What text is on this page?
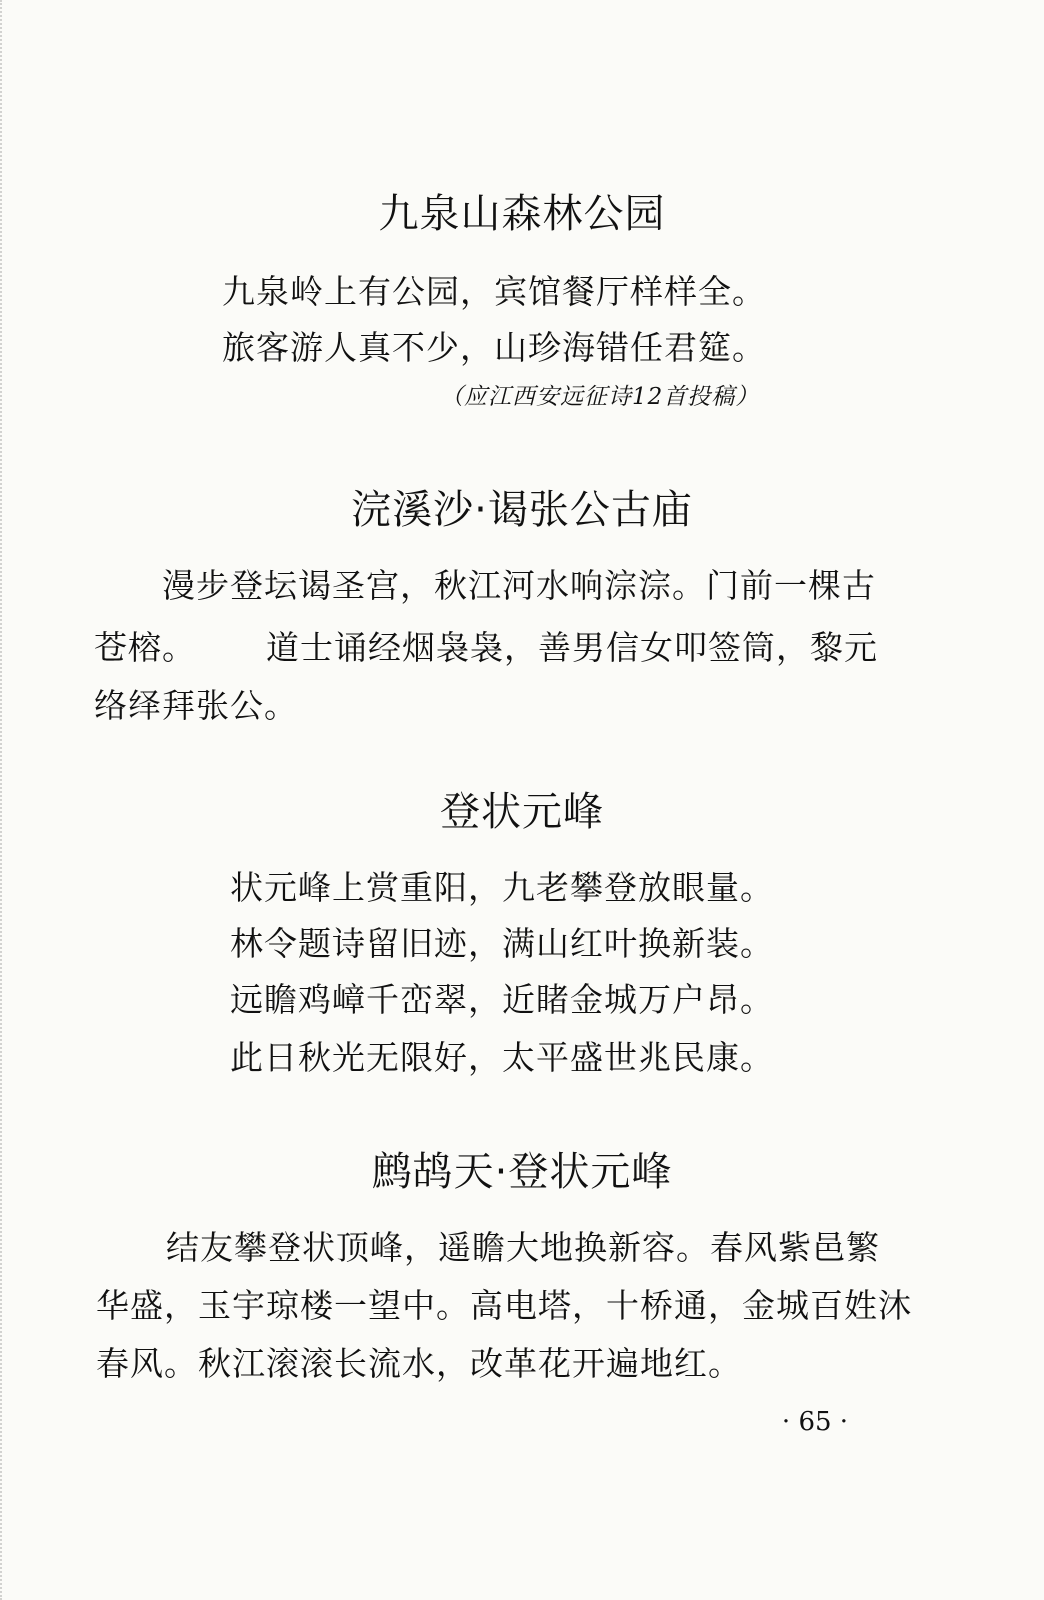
九泉山森林公园
九泉岭上有公园，宾馆餐厅样样全。
旅客游人真不少，山珍海错任君筵。
（应江西安远征诗12首投稿）
浣溪沙·谒张公古庙
漫步登坛谒圣宫，秋江河水响淙淙。门前一棵古
苍榕。 道士诵经烟袅袅，善男信女叩签筒，黎元
络绎拜张公。
登状元峰
状元峰上赏重阳，九老攀登放眼量。
林令题诗留旧迹，满山红叶换新装。
远瞻鸡嶂千峦翠，近睹金城万户昂。
此日秋光无限好，太平盛世兆民康。
鹧鸪天·登状元峰
结友攀登状顶峰，遥瞻大地换新容。春风紫邑繁
华盛，玉宇琼楼一望中。高电塔，十桥通，金城百姓沐
春风。秋江滚滚长流水，改革花开遍地红。
· 65 ·
